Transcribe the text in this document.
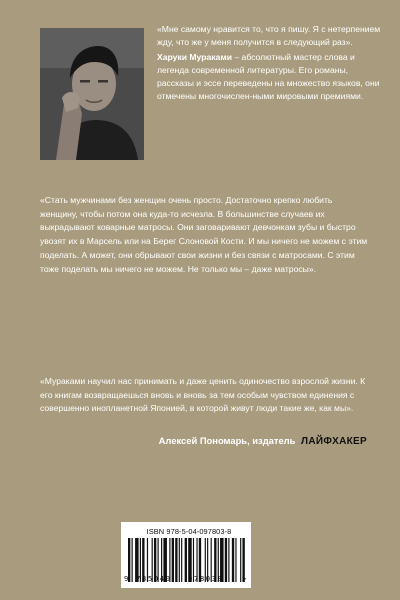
«Мне самому нравится то, что я пишу. Я с нетерпением жду, что же у меня получится в следующий раз».

Харуки Мураками – абсолютный мастер слова и легенда современной литературы. Его романы, рассказы и эссе переведены на множество языков, они отмечены многочислен-ными мировыми премиями.

«Стать мужчинами без женщин очень просто. Достаточно крепко любить женщину, чтобы потом она куда-то исчезла. В большинстве случаев их выкрадывают коварные матросы. Они заговаривают девчонкам зубы и быстро увозят их в Марсель или на Берег Слоновой Кости. И мы ничего не можем с этим поделать. А может, они обрывают свои жизни и без связи с матросами. С этим тоже поделать мы ничего не можем. Не только мы – даже матросы».

«Мураками научил нас принимать и даже ценить одиночество взрослой жизни. К его книгам возвращаешься вновь и вновь за тем особым чувством единения с совершенно инопланетной Японией, в которой живут люди такие же, как мы».

Алексей Пономарь, издатель ЛАЙФХАКЕР
ISBN 978-5-04-097803-8
9 785040 978038	>
